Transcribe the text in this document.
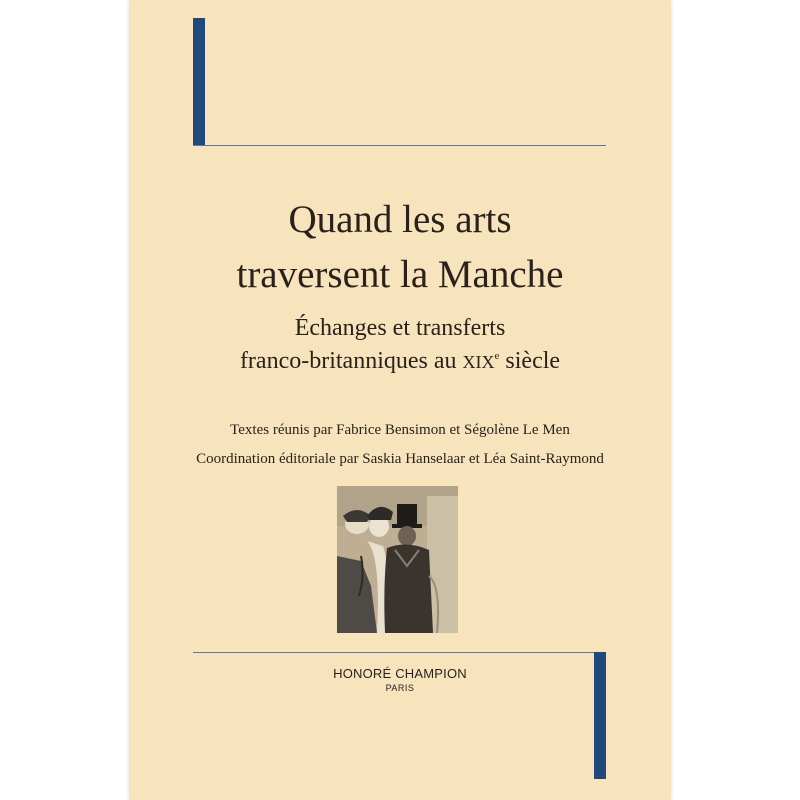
Quand les arts
traversent la Manche
Échanges et transferts
franco-britanniques au XIXe siècle
Textes réunis par Fabrice Bensimon et Ségolène Le Men
Coordination éditoriale par Saskia Hanselaar et Léa Saint-Raymond
HONORÉ CHAMPION
PARIS
